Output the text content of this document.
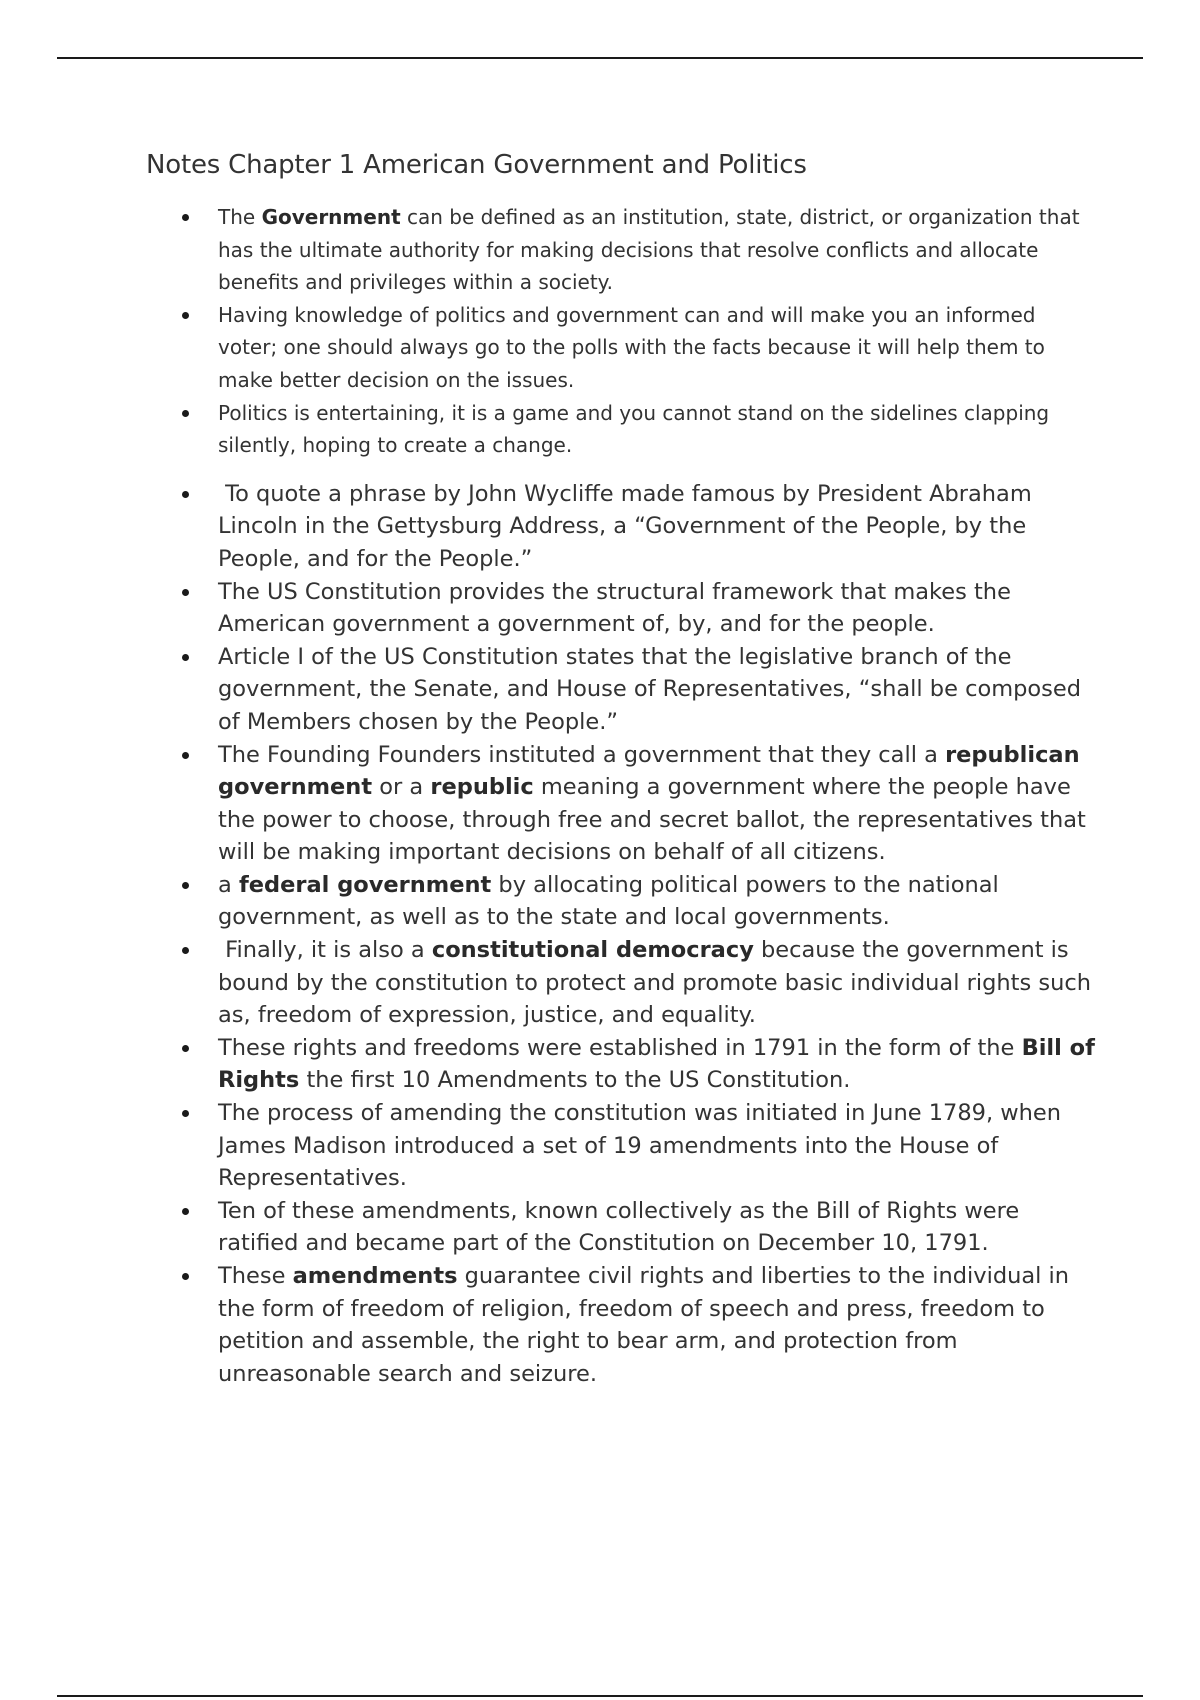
Notes Chapter 1 American Government and Politics
The Government can be defined as an institution, state, district, or organization that has the ultimate authority for making decisions that resolve conflicts and allocate benefits and privileges within a society.
Having knowledge of politics and government can and will make you an informed voter; one should always go to the polls with the facts because it will help them to make better decision on the issues.
Politics is entertaining, it is a game and you cannot stand on the sidelines clapping silently, hoping to create a change.
To quote a phrase by John Wycliffe made famous by President Abraham Lincoln in the Gettysburg Address, a “Government of the People, by the People, and for the People.”
The US Constitution provides the structural framework that makes the American government a government of, by, and for the people.
Article I of the US Constitution states that the legislative branch of the government, the Senate, and House of Representatives, “shall be composed of Members chosen by the People.”
The Founding Founders instituted a government that they call a republican government or a republic meaning a government where the people have the power to choose, through free and secret ballot, the representatives that will be making important decisions on behalf of all citizens.
a federal government by allocating political powers to the national government, as well as to the state and local governments.
Finally, it is also a constitutional democracy because the government is bound by the constitution to protect and promote basic individual rights such as, freedom of expression, justice, and equality.
These rights and freedoms were established in 1791 in the form of the Bill of Rights the first 10 Amendments to the US Constitution.
The process of amending the constitution was initiated in June 1789, when James Madison introduced a set of 19 amendments into the House of Representatives.
Ten of these amendments, known collectively as the Bill of Rights were ratified and became part of the Constitution on December 10, 1791.
These amendments guarantee civil rights and liberties to the individual in the form of freedom of religion, freedom of speech and press, freedom to petition and assemble, the right to bear arm, and protection from unreasonable search and seizure.
